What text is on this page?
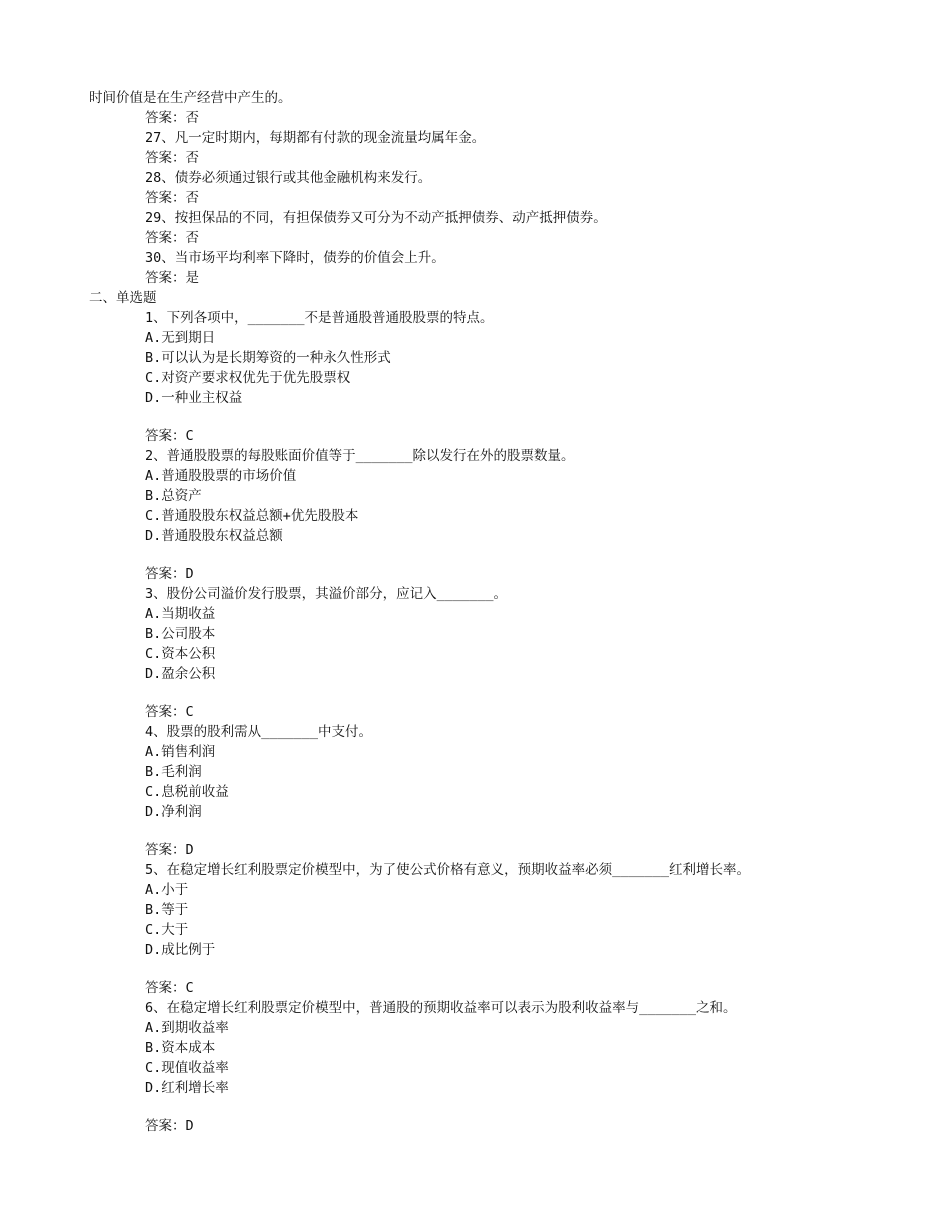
时间价值是在生产经营中产生的。
答案：否
27、凡一定时期内，每期都有付款的现金流量均属年金。
答案：否
28、债券必须通过银行或其他金融机构来发行。
答案：否
29、按担保品的不同，有担保债券又可分为不动产抵押债券、动产抵押债券。
答案：否
30、当市场平均利率下降时，债券的价值会上升。
答案：是
二、单选题
1、下列各项中，_______不是普通股普通股股票的特点。
A.无到期日
B.可以认为是长期筹资的一种永久性形式
C.对资产要求权优先于优先股票权
D.一种业主权益
答案：C
2、普通股股票的每股账面价值等于_______除以发行在外的股票数量。
A.普通股股票的市场价值
B.总资产
C.普通股股东权益总额+优先股股本
D.普通股股东权益总额
答案：D
3、股份公司溢价发行股票，其溢价部分，应记入_______。
A.当期收益
B.公司股本
C.资本公积
D.盈余公积
答案：C
4、股票的股利需从_______中支付。
A.销售利润
B.毛利润
C.息税前收益
D.净利润
答案：D
5、在稳定增长红利股票定价模型中，为了使公式价格有意义，预期收益率必须_______红利增长率。
A.小于
B.等于
C.大于
D.成比例于
答案：C
6、在稳定增长红利股票定价模型中，普通股的预期收益率可以表示为股利收益率与_______之和。
A.到期收益率
B.资本成本
C.现值收益率
D.红利增长率
答案：D
